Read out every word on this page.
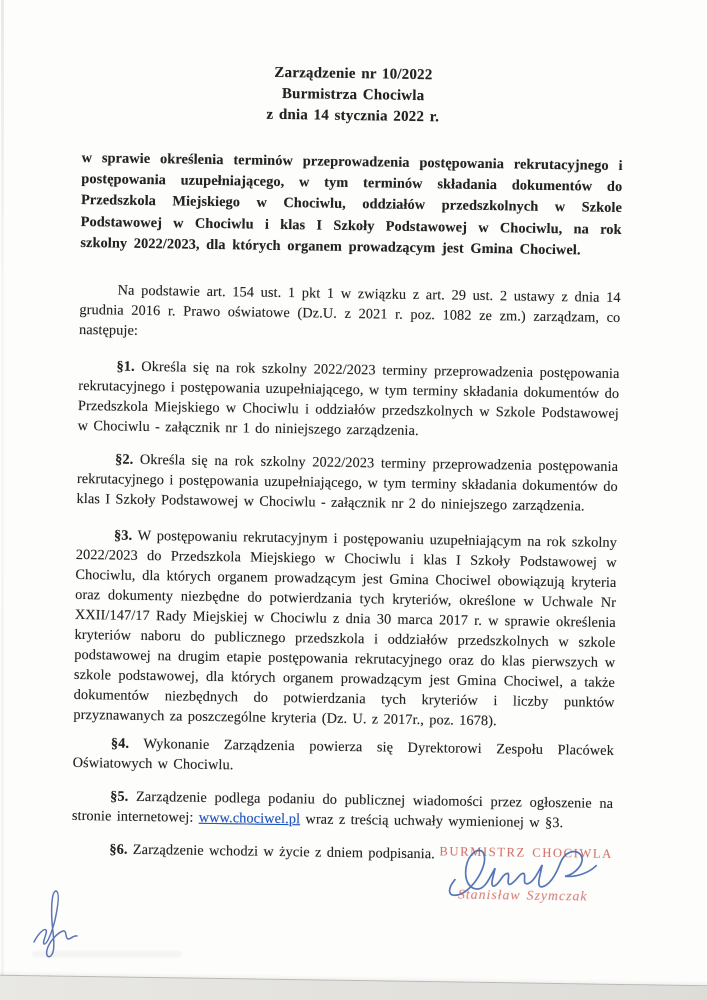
Zarządzenie nr 10/2022
Burmistrza Chociwla
z dnia 14 stycznia 2022 r.

w sprawie określenia terminów przeprowadzenia postępowania rekrutacyjnego i postępowania uzupełniającego, w tym terminów składania dokumentów do Przedszkola Miejskiego w Chociwlu, oddziałów przedszkolnych w Szkole Podstawowej w Chociwlu i klas I Szkoły Podstawowej w Chociwlu, na rok szkolny 2022/2023, dla których organem prowadzącym jest Gmina Chociwel.

Na podstawie art. 154 ust. 1 pkt 1 w związku z art. 29 ust. 2 ustawy z dnia 14 grudnia 2016 r. Prawo oświatowe (Dz.U. z 2021 r. poz. 1082 ze zm.) zarządzam, co następuje:

§1. Określa się na rok szkolny 2022/2023 terminy przeprowadzenia postępowania rekrutacyjnego i postępowania uzupełniającego, w tym terminy składania dokumentów do Przedszkola Miejskiego w Chociwlu i oddziałów przedszkolnych w Szkole Podstawowej w Chociwlu - załącznik nr 1 do niniejszego zarządzenia.

§2. Określa się na rok szkolny 2022/2023 terminy przeprowadzenia postępowania rekrutacyjnego i postępowania uzupełniającego, w tym terminy składania dokumentów do klas I Szkoły Podstawowej w Chociwlu - załącznik nr 2 do niniejszego zarządzenia.

§3. W postępowaniu rekrutacyjnym i postępowaniu uzupełniającym na rok szkolny 2022/2023 do Przedszkola Miejskiego w Chociwlu i klas I Szkoły Podstawowej w Chociwlu, dla których organem prowadzącym jest Gmina Chociwel obowiązują kryteria oraz dokumenty niezbędne do potwierdzania tych kryteriów, określone w Uchwale Nr XXII/147/17 Rady Miejskiej w Chociwlu z dnia 30 marca 2017 r. w sprawie określenia kryteriów naboru do publicznego przedszkola i oddziałów przedszkolnych w szkole podstawowej na drugim etapie postępowania rekrutacyjnego oraz do klas pierwszych w szkole podstawowej, dla których organem prowadzącym jest Gmina Chociwel, a także dokumentów niezbędnych do potwierdzania tych kryteriów i liczby punktów przyznawanych za poszczególne kryteria (Dz. U. z 2017r., poz. 1678).

§4. Wykonanie Zarządzenia powierza się Dyrektorowi Zespołu Placówek Oświatowych w Chociwlu.

§5. Zarządzenie podlega podaniu do publicznej wiadomości przez ogłoszenie na stronie internetowej: www.chociwel.pl wraz z treścią uchwały wymienionej w §3.

§6. Zarządzenie wchodzi w życie z dniem podpisania. BURMISTRZ CHOCIWLA
Stanisław Szymczak
